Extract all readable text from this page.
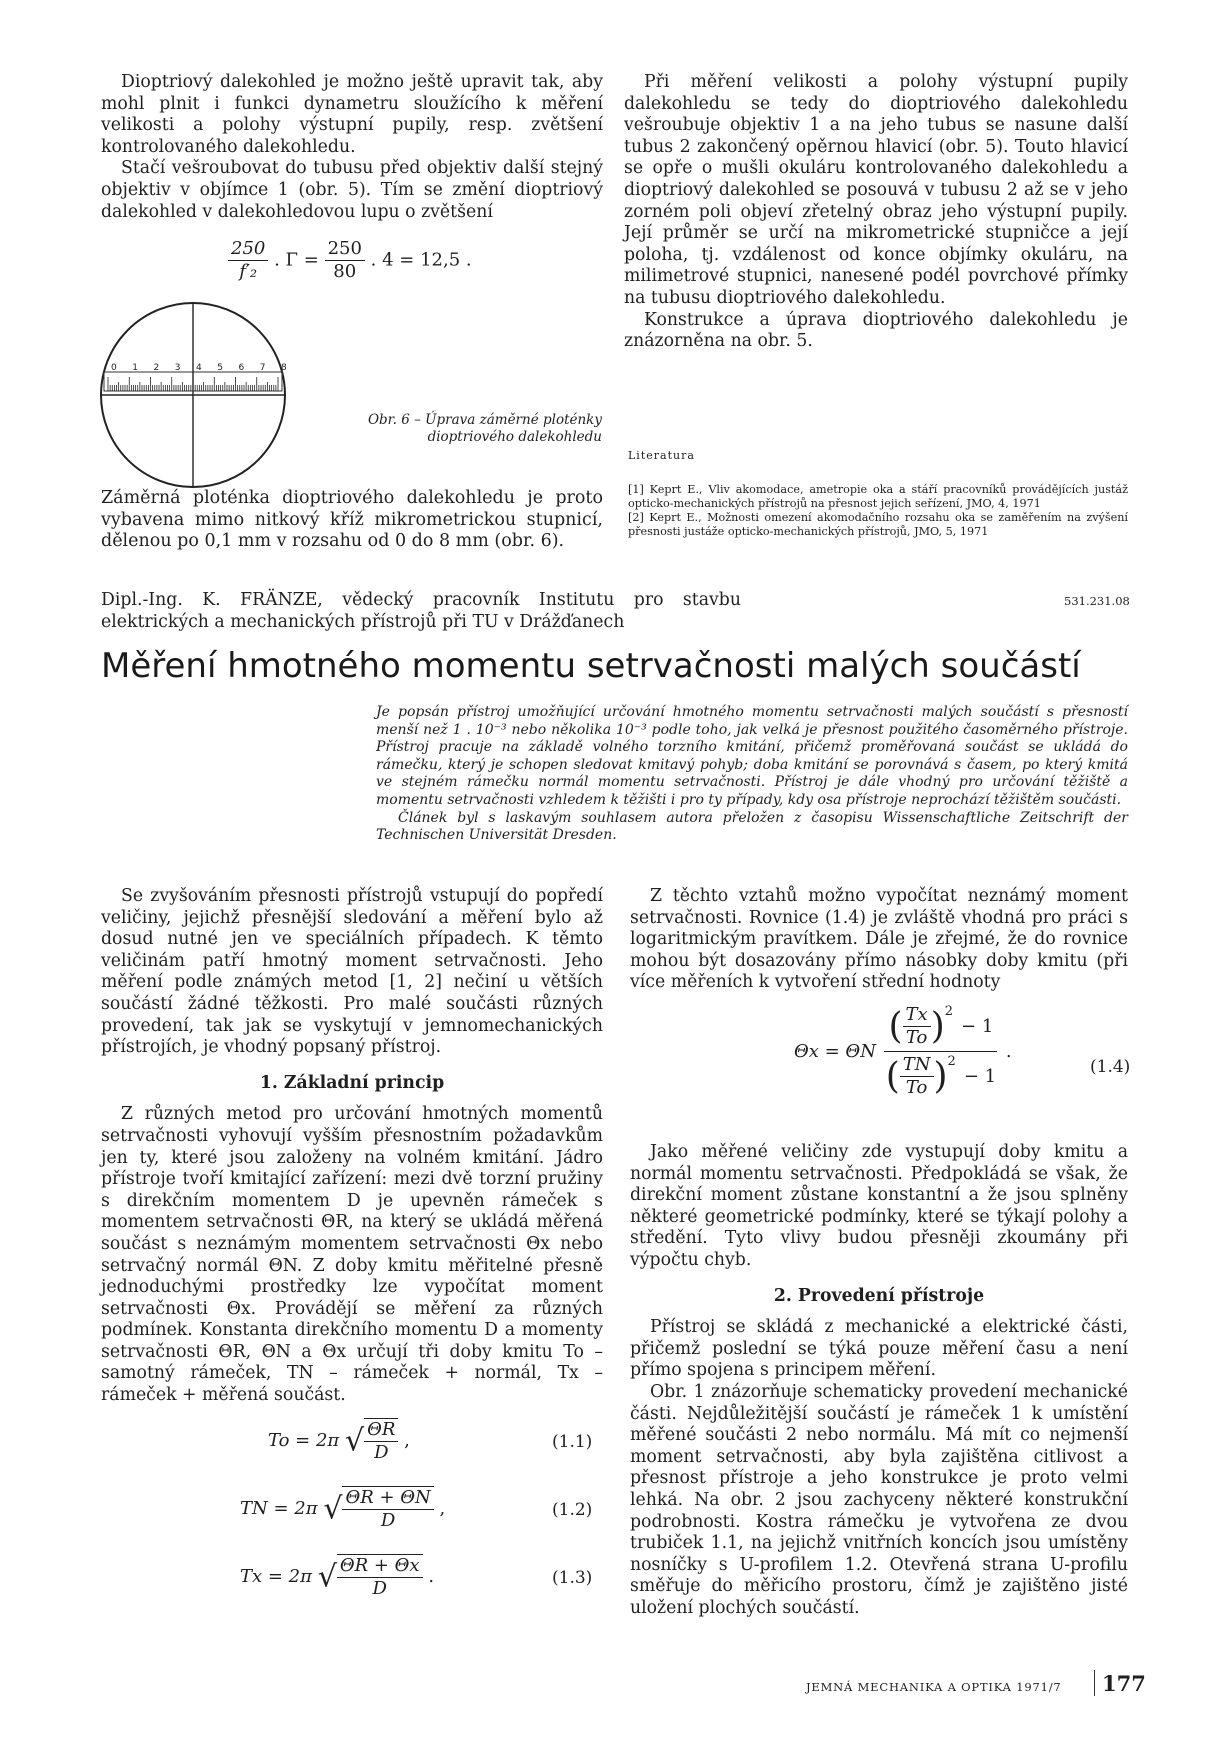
Dioptriový dalekohled je možno ještě upravit tak, aby mohl plnit i funkci dynametru sloužícího k měření velikosti a polohy výstupní pupily, resp. zvětšení kontrolovaného dalekohledu.

Stačí vešroubovat do tubusu před objektiv další stejný objektiv v objímce 1 (obr. 5). Tím se změní dioptriový dalekohled v dalekohledovou lupu o zvětšení

$\frac{250}{\text{f′₂}}$ . $\Gamma = \frac{250}{80}$ . 4 = 12,5 .
0 1 2 3 4 5 6 7 8
Obr. 6 – Úprava záměrné ploténky dioptriového dalekohledu

Záměrná ploténka dioptriového dalekohledu je proto vybavena mimo nitkový kříž mikrometrickou stupnicí, dělenou po 0,1 mm v rozsahu od 0 do 8 mm (obr. 6).

Při měření velikosti a polohy výstupní pupily dalekohledu se tedy do dioptriového dalekohledu vešroubuje objektiv 1 a na jeho tubus se nasune další tubus 2 zakončený opěrnou hlavicí (obr. 5). Touto hlavicí se opře o mušli okuláru kontrolovaného dalekohledu a dioptriový dalekohled se posouvá v tubusu 2 až se v jeho zorném poli objeví zřetelný obraz jeho výstupní pupily. Její průměr se určí na mikrometrické stupničce a její poloha, tj. vzdálenost od konce objímky okuláru, na milimetrové stupnici, nanesené podél povrchové přímky na tubusu dioptriového dalekohledu.

Konstrukce a úprava dioptriového dalekohledu je znázorněna na obr. 5.

Literatura

[1] Keprt E., Vliv akomodace, ametropie oka a stáří pracovníků provádějících justáž opticko-mechanických přístrojů na přesnost jejich seřízení, JMO, 4, 1971

[2] Keprt E., Možnosti omezení akomodačního rozsahu oka se zaměřením na zvýšení přesnosti justáže opticko-mechanických přístrojů, JMO, 5, 1971

Dipl.-Ing. K. FRÄNZE, vědecký pracovník Institutu pro stavbu elektrických a mechanických přístrojů při TU v Drážďanech
531.231.08
Měření hmotného momentu setrvačnosti malých součástí
Je popsán přístroj umožňující určování hmotného momentu setrvačnosti malých součástí s přesností menší než 1 . 10⁻³ nebo několika 10⁻³ podle toho, jak velká je přesnost použitého časoměrného přístroje. Přístroj pracuje na základě volného torzního kmitání, přičemž proměřovaná součást se ukládá do rámečku, který je schopen sledovat kmitavý pohyb; doba kmitání se porovnává s časem, po který kmitá ve stejném rámečku normál momentu setrvačnosti. Přístroj je dále vhodný pro určování těžiště a momentu setrvačnosti vzhledem k těžišti i pro ty případy, kdy osa přístroje neprochází těžištěm součásti.
Článek byl s laskavým souhlasem autora přeložen z časopisu Wissenschaftliche Zeitschrift der Technischen Universität Dresden.

Se zvyšováním přesnosti přístrojů vstupují do popředí veličiny, jejichž přesnější sledování a měření bylo až dosud nutné jen ve speciálních případech. K těmto veličinám patří hmotný moment setrvačnosti. Jeho měření podle známých metod [1, 2] nečiní u větších součástí žádné těžkosti. Pro malé součásti různých provedení, tak jak se vyskytují v jemnomechanických přístrojích, je vhodný popsaný přístroj.

1. Základní princip

Z různých metod pro určování hmotných momentů setrvačnosti vyhovují vyšším přesnostním požadavkům jen ty, které jsou založeny na volném kmitání. Jádro přístroje tvoří kmitající zařízení: mezi dvě torzní pružiny s direkčním momentem D je upevněn rámeček s momentem setrvačnosti ΘR, na který se ukládá měřená součást s neznámým momentem setrvačnosti Θx nebo setrvačný normál ΘN. Z doby kmitu měřitelné přesně jednoduchými prostředky lze vypočítat moment setrvačnosti Θx. Provádějí se měření za různých podmínek. Konstanta direkčního momentu D a momenty setrvačnosti ΘR, ΘN a Θx určují tři doby kmitu To – samotný rámeček, TN – rámeček + normál, Tx – rámeček + měřená součást.

To = 2π √ $\frac{\Theta R}{D}$ ,	(1.1)
TN = 2π √ $\frac{\Theta R + \Theta N}{D}$ ,	(1.2)
Tx = 2π √ $\frac{\Theta R + \Theta x}{D}$ .	(1.3)

Z těchto vztahů možno vypočítat neznámý moment setrvačnosti. Rovnice (1.4) je zvláště vhodná pro práci s logaritmickým pravítkem. Dále je zřejmé, že do rovnice mohou být dosazovány přímo násobky doby kmitu (při více měřeních k vytvoření střední hodnoty

Θx = ΘN ( $\frac{Tx}{To} )^2$
− 1
( $\frac{TN}{To} )^2$
− 1 .
(1.4)

Jako měřené veličiny zde vystupují doby kmitu a normál momentu setrvačnosti. Předpokládá se však, že direkční moment zůstane konstantní a že jsou splněny některé geometrické podmínky, které se týkají polohy a středění. Tyto vlivy budou přesněji zkoumány při výpočtu chyb.

2. Provedení přístroje

Přístroj se skládá z mechanické a elektrické části, přičemž poslední se týká pouze měření času a není přímo spojena s principem měření.

Obr. 1 znázorňuje schematicky provedení mechanické části. Nejdůležitější součástí je rámeček 1 k umístění měřené součásti 2 nebo normálu. Má mít co nejmenší moment setrvačnosti, aby byla zajištěna citlivost a přesnost přístroje a jeho konstrukce je proto velmi lehká. Na obr. 2 jsou zachyceny některé konstrukční podrobnosti. Kostra rámečku je vytvořena ze dvou trubiček 1.1, na jejichž vnitřních koncích jsou umístěny nosníčky s U-profilem 1.2. Otevřená strana U-profilu směřuje do měřicího prostoru, čímž je zajištěno jisté uložení plochých součástí.

JEMNÁ MECHANIKA A OPTIKA 1971/7 177
